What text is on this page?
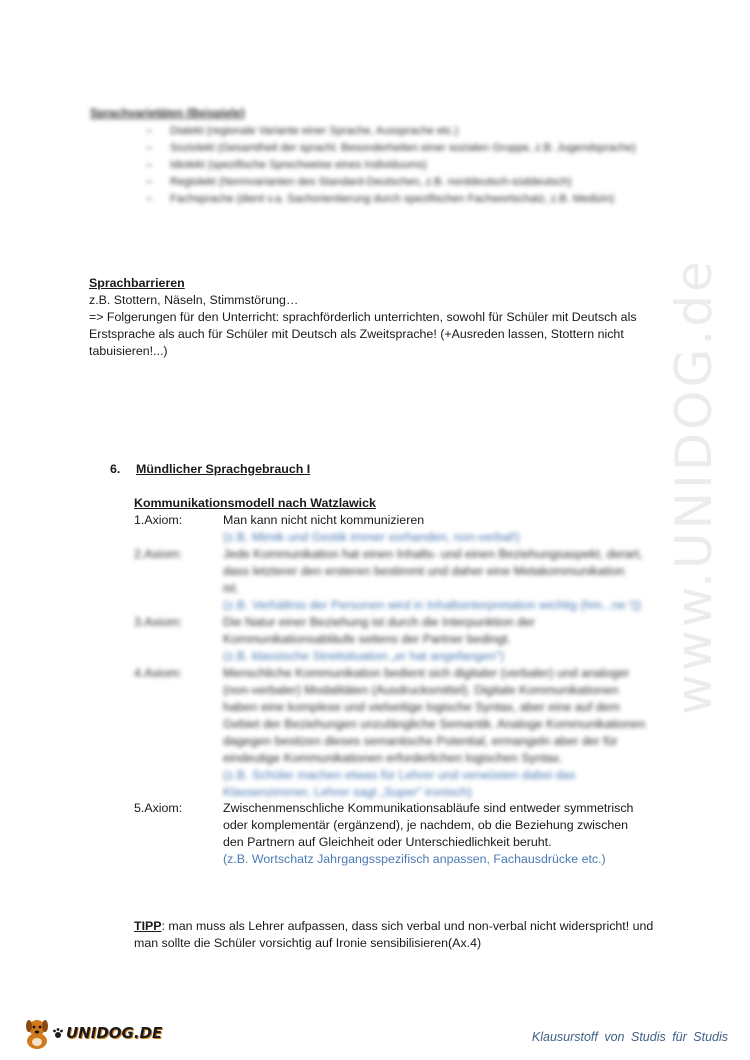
www.UNIDOG.de
Sprachvarietäten (Beispiele)
– Dialekt (regionale Variante einer Sprache, Aussprache etc.)
– Soziolekt (Gesamtheit der sprachl. Besonderheiten einer sozialen Gruppe, z.B. Jugendsprache)
– Idiolekt (spezifische Sprechweise eines Individuums)
– Regiolekt (Normvarianten des Standard-Deutschen, z.B. norddeutsch-süddeutsch)
– Fachsprache (dient v.a. Sachorientierung durch spezifischen Fachwortschatz, z.B. Medizin)
Sprachbarrieren
z.B. Stottern, Näseln, Stimmstörung…
=> Folgerungen für den Unterricht: sprachförderlich unterrichten, sowohl für Schüler mit Deutsch als
Erstsprache als auch für Schüler mit Deutsch als Zweitsprache! (+Ausreden lassen, Stottern nicht
tabuisieren!...)
6. Mündlicher Sprachgebrauch I
Kommunikationsmodell nach Watzlawick
1.Axiom:	Man kann nicht nicht kommunizieren
(z.B. Mimik und Gestik immer vorhanden, non-verbal!)
2.Axiom:	Jede Kommunikation hat einen Inhalts- und einen Beziehungsaspekt, derart,
dass letzterer den ersteren bestimmt und daher eine Metakommunikation
ist.
(z.B. Verhältnis der Personen wird in Inhaltsinterpretation wichtig (hm...ne !))
3.Axiom:	Die Natur einer Beziehung ist durch die Interpunktion der
Kommunikationsabläufe seitens der Partner bedingt.
(z.B. klassische Streitsituation „er hat angefangen")
4.Axiom:	Menschliche Kommunikation bedient sich digitaler (verbaler) und analoger
(non-verbaler) Modalitäten (Ausdrucksmittel). Digitale Kommunikationen
haben eine komplexe und vielseitige logische Syntax, aber eine auf dem
Gebiet der Beziehungen unzulängliche Semantik. Analoge Kommunikationen
dagegen besitzen dieses semantische Potential, ermangeln aber der für
eindeutige Kommunikationen erforderlichen logischen Syntax.
(z.B. Schüler machen etwas für Lehrer und verwüsten dabei das
Klassenzimmer, Lehrer sagt „Super" ironisch)
5.Axiom:	Zwischenmenschliche Kommunikationsabläufe sind entweder symmetrisch
oder komplementär (ergänzend), je nachdem, ob die Beziehung zwischen
den Partnern auf Gleichheit oder Unterschiedlichkeit beruht.
(z.B. Wortschatz Jahrgangsspezifisch anpassen, Fachausdrücke etc.)
TIPP: man muss als Lehrer aufpassen, dass sich verbal und non-verbal nicht widerspricht! und
man sollte die Schüler vorsichtig auf Ironie sensibilisieren(Ax.4)
UNIDOG.DE	Klausurstoff von Studis für Studis
